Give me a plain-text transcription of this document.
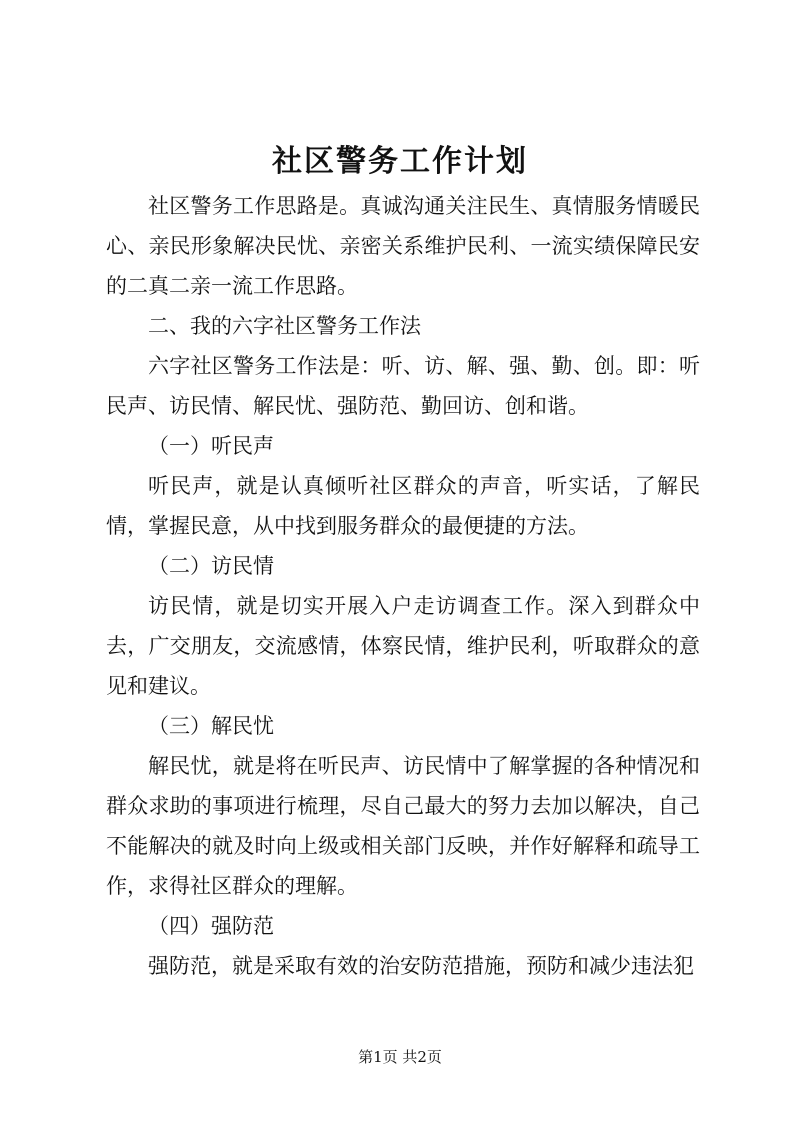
社区警务工作计划

社区警务工作思路是。真诚沟通关注民生、真情服务情暖民心、亲民形象解决民忧、亲密关系维护民利、一流实绩保障民安的二真二亲一流工作思路。

二、我的六字社区警务工作法

六字社区警务工作法是：听、访、解、强、勤、创。即：听民声、访民情、解民忧、强防范、勤回访、创和谐。

（一）听民声

听民声，就是认真倾听社区群众的声音，听实话，了解民情，掌握民意，从中找到服务群众的最便捷的方法。

（二）访民情

访民情，就是切实开展入户走访调查工作。深入到群众中去，广交朋友，交流感情，体察民情，维护民利，听取群众的意见和建议。

（三）解民忧

解民忧，就是将在听民声、访民情中了解掌握的各种情况和群众求助的事项进行梳理，尽自己最大的努力去加以解决，自己不能解决的就及时向上级或相关部门反映，并作好解释和疏导工作，求得社区群众的理解。

（四）强防范

强防范，就是采取有效的治安防范措施，预防和减少违法犯

第1页 共2页
